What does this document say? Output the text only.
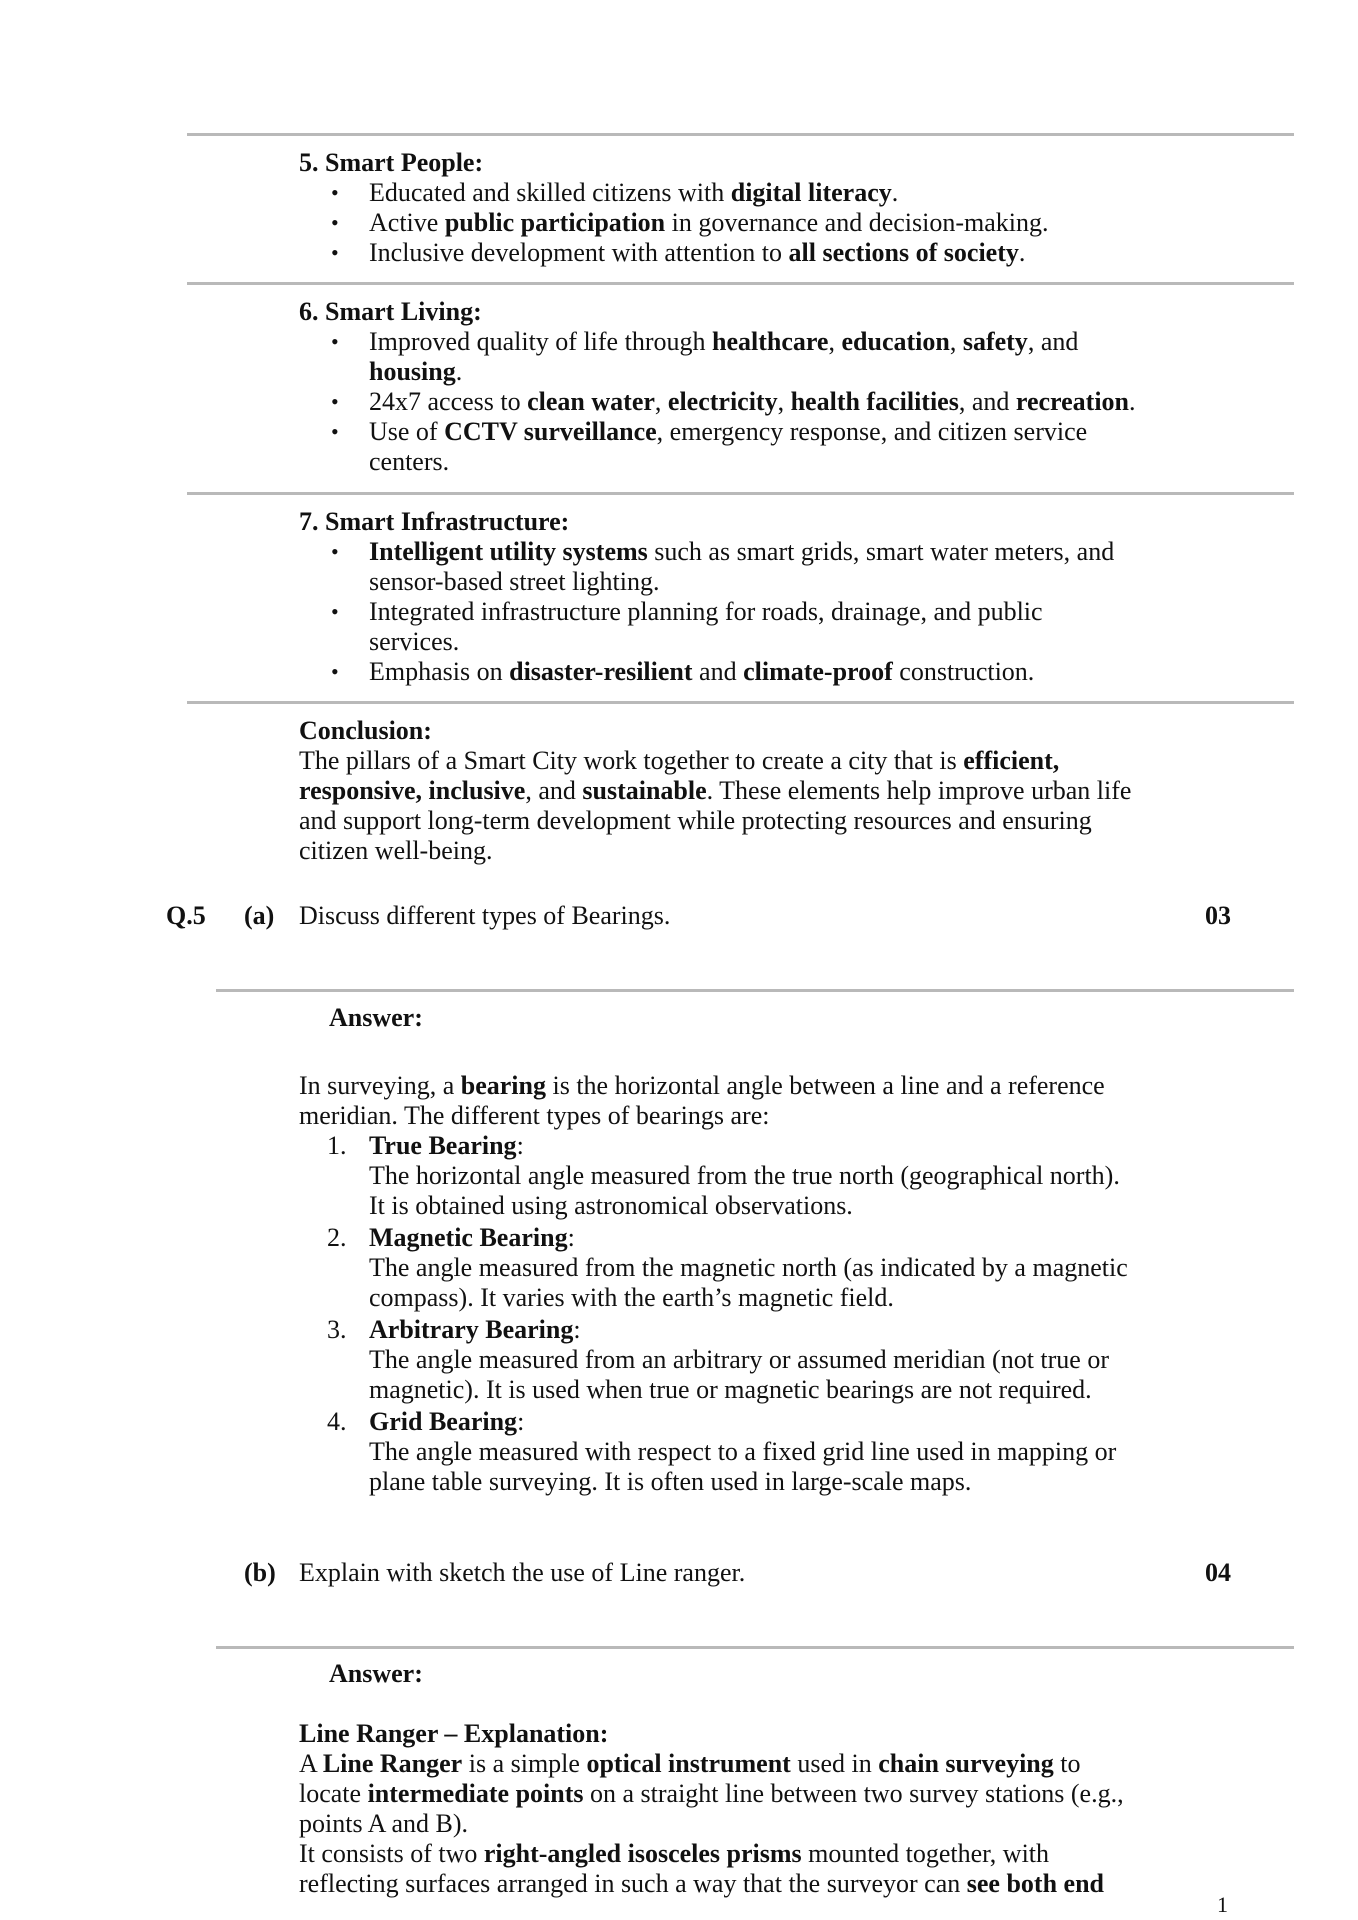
5. Smart People:
• Educated and skilled citizens with digital literacy.
• Active public participation in governance and decision-making.
• Inclusive development with attention to all sections of society.
6. Smart Living:
• Improved quality of life through healthcare, education, safety, and
housing.
• 24x7 access to clean water, electricity, health facilities, and recreation.
• Use of CCTV surveillance, emergency response, and citizen service
centers.
7. Smart Infrastructure:
• Intelligent utility systems such as smart grids, smart water meters, and
sensor-based street lighting.
• Integrated infrastructure planning for roads, drainage, and public
services.
• Emphasis on disaster-resilient and climate-proof construction.
Conclusion:
The pillars of a Smart City work together to create a city that is efficient,
responsive, inclusive, and sustainable. These elements help improve urban life
and support long-term development while protecting resources and ensuring
citizen well-being.
Q.5 (a) Discuss different types of Bearings.	03
Answer:
In surveying, a bearing is the horizontal angle between a line and a reference
meridian. The different types of bearings are:
1. True Bearing:
The horizontal angle measured from the true north (geographical north).
It is obtained using astronomical observations.
2. Magnetic Bearing:
The angle measured from the magnetic north (as indicated by a magnetic
compass). It varies with the earth’s magnetic field.
3. Arbitrary Bearing:
The angle measured from an arbitrary or assumed meridian (not true or
magnetic). It is used when true or magnetic bearings are not required.
4. Grid Bearing:
The angle measured with respect to a fixed grid line used in mapping or
plane table surveying. It is often used in large-scale maps.
(b) Explain with sketch the use of Line ranger.	04
Answer:
Line Ranger – Explanation:
A Line Ranger is a simple optical instrument used in chain surveying to
locate intermediate points on a straight line between two survey stations (e.g.,
points A and B).
It consists of two right-angled isosceles prisms mounted together, with
reflecting surfaces arranged in such a way that the surveyor can see both end
1
